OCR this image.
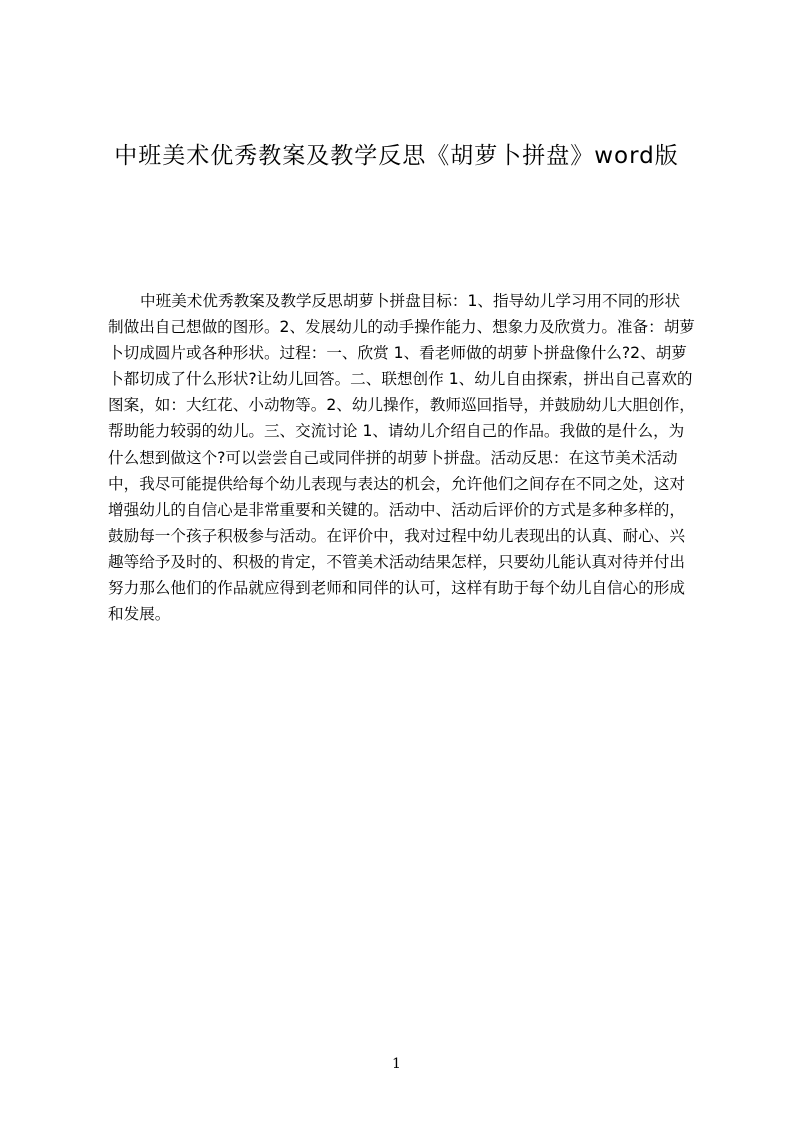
中班美术优秀教案及教学反思《胡萝卜拼盘》word版

中班美术优秀教案及教学反思胡萝卜拼盘目标：1、指导幼儿学习用不同的形状制做出自己想做的图形。2、发展幼儿的动手操作能力、想象力及欣赏力。准备：胡萝卜切成圆片或各种形状。过程：一、欣赏 1、看老师做的胡萝卜拼盘像什么?2、胡萝卜都切成了什么形状?让幼儿回答。二、联想创作 1、幼儿自由探索，拼出自己喜欢的图案，如：大红花、小动物等。2、幼儿操作，教师巡回指导，并鼓励幼儿大胆创作，帮助能力较弱的幼儿。三、交流讨论 1、请幼儿介绍自己的作品。我做的是什么，为什么想到做这个?可以尝尝自己或同伴拼的胡萝卜拼盘。活动反思：在这节美术活动中，我尽可能提供给每个幼儿表现与表达的机会，允许他们之间存在不同之处，这对增强幼儿的自信心是非常重要和关键的。活动中、活动后评价的方式是多种多样的，鼓励每一个孩子积极参与活动。在评价中，我对过程中幼儿表现出的认真、耐心、兴趣等给予及时的、积极的肯定，不管美术活动结果怎样，只要幼儿能认真对待并付出努力那么他们的作品就应得到老师和同伴的认可，这样有助于每个幼儿自信心的形成和发展。

1
